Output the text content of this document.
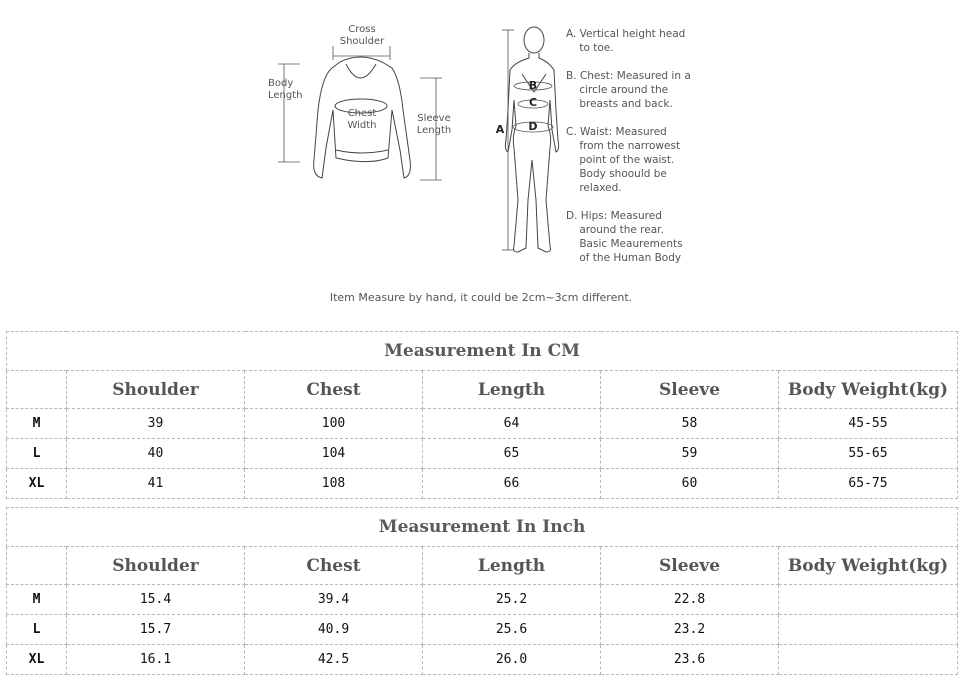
Cross
Shoulder
Body
Length
Chest
Width
Sleeve
Length	A
B
C
D
A. Vertical height head
to toe.
B. Chest: Measured in a
circle around the
breasts and back.
C. Waist: Measured
from the narrowest
point of the waist.
Body shoould be
relaxed.
D. Hips: Measured
around the rear.
Basic Meaurements
of the Human Body
Item Measure by hand, it could be 2cm~3cm different.
Measurement In CM					
	Shoulder	Chest	Length	Sleeve	Body Weight(kg)
M	39	100	64	58	45-55
L	40	104	65	59	55-65
XL	41	108	66	60	65-75
Measurement In Inch					
	Shoulder	Chest	Length	Sleeve	Body Weight(kg)
M	15.4	39.4	25.2	22.8	
L	15.7	40.9	25.6	23.2	
XL	16.1	42.5	26.0	23.6	
